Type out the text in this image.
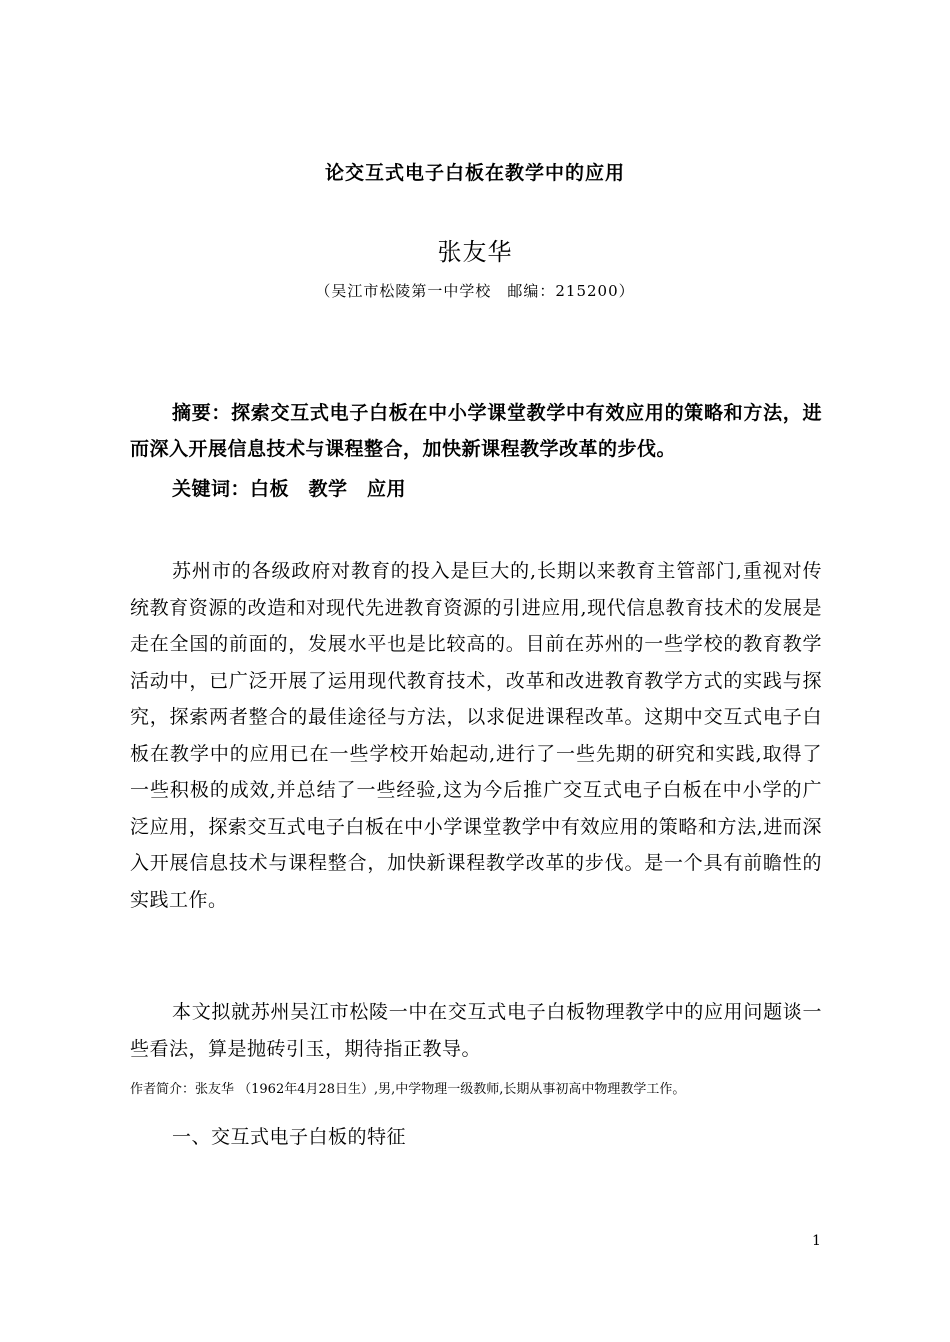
论交互式电子白板在教学中的应用
张友华
（吴江市松陵第一中学校　邮编：215200）
摘要：探索交互式电子白板在中小学课堂教学中有效应用的策略和方法，进而深入开展信息技术与课程整合，加快新课程教学改革的步伐。
关键词：白板　教学　应用

苏州市的各级政府对教育的投入是巨大的,长期以来教育主管部门,重视对传统教育资源的改造和对现代先进教育资源的引进应用,现代信息教育技术的发展是走在全国的前面的，发展水平也是比较高的。目前在苏州的一些学校的教育教学活动中，已广泛开展了运用现代教育技术，改革和改进教育教学方式的实践与探究，探索两者整合的最佳途径与方法，以求促进课程改革。这期中交互式电子白板在教学中的应用已在一些学校开始起动,进行了一些先期的研究和实践,取得了一些积极的成效,并总结了一些经验,这为今后推广交互式电子白板在中小学的广泛应用，探索交互式电子白板在中小学课堂教学中有效应用的策略和方法,进而深入开展信息技术与课程整合，加快新课程教学改革的步伐。是一个具有前瞻性的实践工作。

本文拟就苏州吴江市松陵一中在交互式电子白板物理教学中的应用问题谈一些看法，算是抛砖引玉，期待指正教导。

作者简介：张友华 （1962年4月28日生）,男,中学物理一级教师,长期从事初高中物理教学工作。
一、交互式电子白板的特征
1
